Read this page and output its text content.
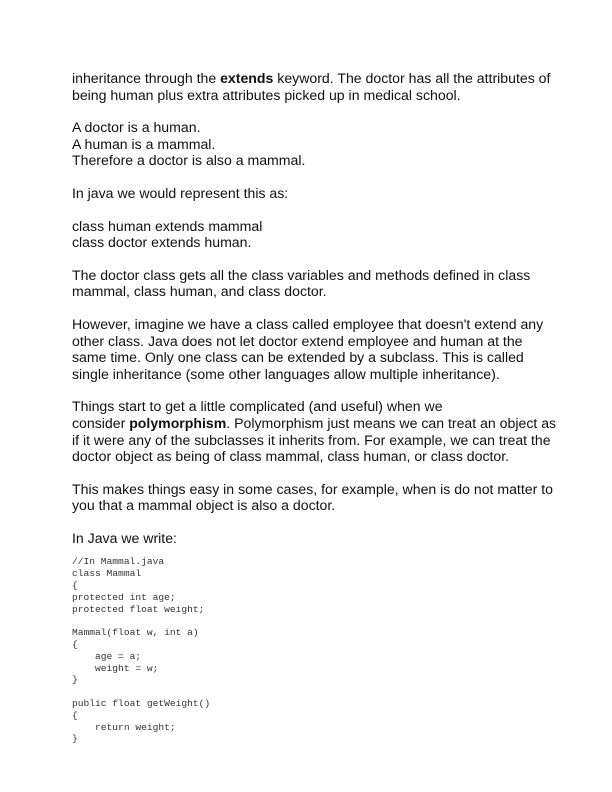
inheritance through the extends keyword. The doctor has all the attributes of
being human plus extra attributes picked up in medical school.

A doctor is a human.
A human is a mammal.
Therefore a doctor is also a mammal.

In java we would represent this as:

class human extends mammal
class doctor extends human.

The doctor class gets all the class variables and methods defined in class
mammal, class human, and class doctor.

However, imagine we have a class called employee that doesn't extend any
other class. Java does not let doctor extend employee and human at the
same time. Only one class can be extended by a subclass. This is called
single inheritance (some other languages allow multiple inheritance).

Things start to get a little complicated (and useful) when we
consider polymorphism. Polymorphism just means we can treat an object as
if it were any of the subclasses it inherits from. For example, we can treat the
doctor object as being of class mammal, class human, or class doctor.

This makes things easy in some cases, for example, when is do not matter to
you that a mammal object is also a doctor.

In Java we write:

//In Mammal.java
class Mammal
{
protected int age;
protected float weight;
Mammal(float w, int a)
{
age = a;
weight = w;
}
public float getWeight()
{
return weight;
}
